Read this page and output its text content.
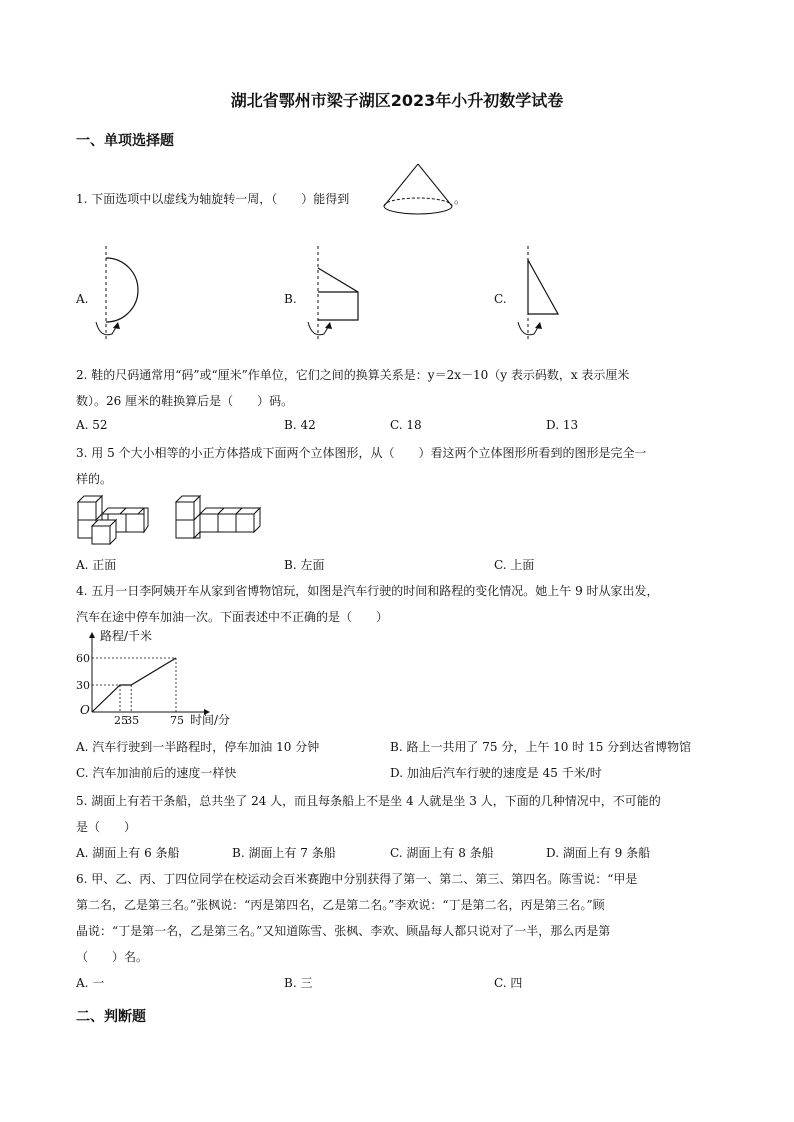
湖北省鄂州市梁子湖区2023年小升初数学试卷
一、单项选择题
1. 下面选项中以虚线为轴旋转一周，（　　）能得到	。
A.	B.	C.
2. 鞋的尺码通常用“码”或“厘米”作单位，它们之间的换算关系是：y＝2x－10（y 表示码数，x 表示厘米
数）。26 厘米的鞋换算后是（　　）码。
A. 52	B. 42	C. 18	D. 13
3. 用 5 个大小相等的小正方体搭成下面两个立体图形，从（　　）看这两个立体图形所看到的图形是完全一
样的。
A. 正面	B. 左面	C. 上面
4. 五月一日李阿姨开车从家到省博物馆玩，如图是汽车行驶的时间和路程的变化情况。她上午 9 时从家出发，
汽车在途中停车加油一次。下面表述中不正确的是（　　）
路程/千米
时间/分
O
30
60
25
35	75
A. 汽车行驶到一半路程时，停车加油 10 分钟	B. 路上一共用了 75 分，上午 10 时 15 分到达省博物馆
C. 汽车加油前后的速度一样快	D. 加油后汽车行驶的速度是 45 千米/时
5. 湖面上有若干条船，总共坐了 24 人，而且每条船上不是坐 4 人就是坐 3 人，下面的几种情况中，不可能的
是（　　）
A. 湖面上有 6 条船	B. 湖面上有 7 条船	C. 湖面上有 8 条船	D. 湖面上有 9 条船
6. 甲、乙、丙、丁四位同学在校运动会百米赛跑中分别获得了第一、第二、第三、第四名。陈雪说：“甲是
第二名，乙是第三名。”张枫说：“丙是第四名，乙是第二名。”李欢说：“丁是第二名，丙是第三名。”顾
晶说：“丁是第一名，乙是第三名。”又知道陈雪、张枫、李欢、顾晶每人都只说对了一半，那么丙是第
（　　）名。
A. 一	B. 三	C. 四
二、判断题
